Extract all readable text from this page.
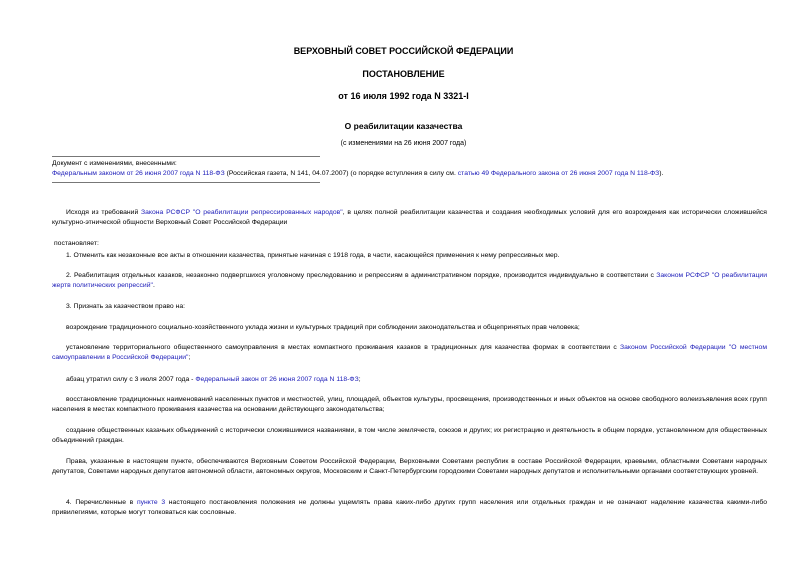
ВЕРХОВНЫЙ СОВЕТ РОССИЙСКОЙ ФЕДЕРАЦИИ
ПОСТАНОВЛЕНИЕ
от 16 июля 1992 года N 3321-I
О реабилитации казачества
(с изменениями на 26 июня 2007 года)
Документ с изменениями, внесенными:
Федеральным законом от 26 июня 2007 года N 118-ФЗ (Российская газета, N 141, 04.07.2007) (о порядке вступления в силу см. статью 49 Федерального закона от 26 июня 2007 года N 118-ФЗ).
Исходя из требований Закона РСФСР "О реабилитации репрессированных народов", в целях полной реабилитации казачества и создания необходимых условий для его возрождения как исторически сложившейся культурно-этнической общности Верховный Совет Российской Федерации
постановляет:
1. Отменить как незаконные все акты в отношении казачества, принятые начиная с 1918 года, в части, касающейся применения к нему репрессивных мер.
2. Реабилитация отдельных казаков, незаконно подвергшихся уголовному преследованию и репрессиям в административном порядке, производится индивидуально в соответствии с Законом РСФСР "О реабилитации жертв политических репрессий".
3. Признать за казачеством право на:
возрождение традиционного социально-хозяйственного уклада жизни и культурных традиций при соблюдении законодательства и общепринятых прав человека;
установление территориального общественного самоуправления в местах компактного проживания казаков в традиционных для казачества формах в соответствии с Законом Российской Федерации "О местном самоуправлении в Российской Федерации";
абзац утратил силу с 3 июля 2007 года - Федеральный закон от 26 июня 2007 года N 118-ФЗ;
восстановление традиционных наименований населенных пунктов и местностей, улиц, площадей, объектов культуры, просвещения, производственных и иных объектов на основе свободного волеизъявления всех групп населения в местах компактного проживания казачества на основании действующего законодательства;
создание общественных казачьих объединений с исторически сложившимися названиями, в том числе землячеств, союзов и других; их регистрацию и деятельность в общем порядке, установленном для общественных объединений граждан.
Права, указанные в настоящем пункте, обеспечиваются Верховным Советом Российской Федерации, Верховными Советами республик в составе Российской Федерации, краевыми, областными Советами народных депутатов, Советами народных депутатов автономной области, автономных округов, Московским и Санкт-Петербургским городскими Советами народных депутатов и исполнительными органами соответствующих уровней.
4. Перечисленные в пункте 3 настоящего постановления положения не должны ущемлять права каких-либо других групп населения или отдельных граждан и не означают наделение казачества какими-либо привилегиями, которые могут толковаться как сословные.
